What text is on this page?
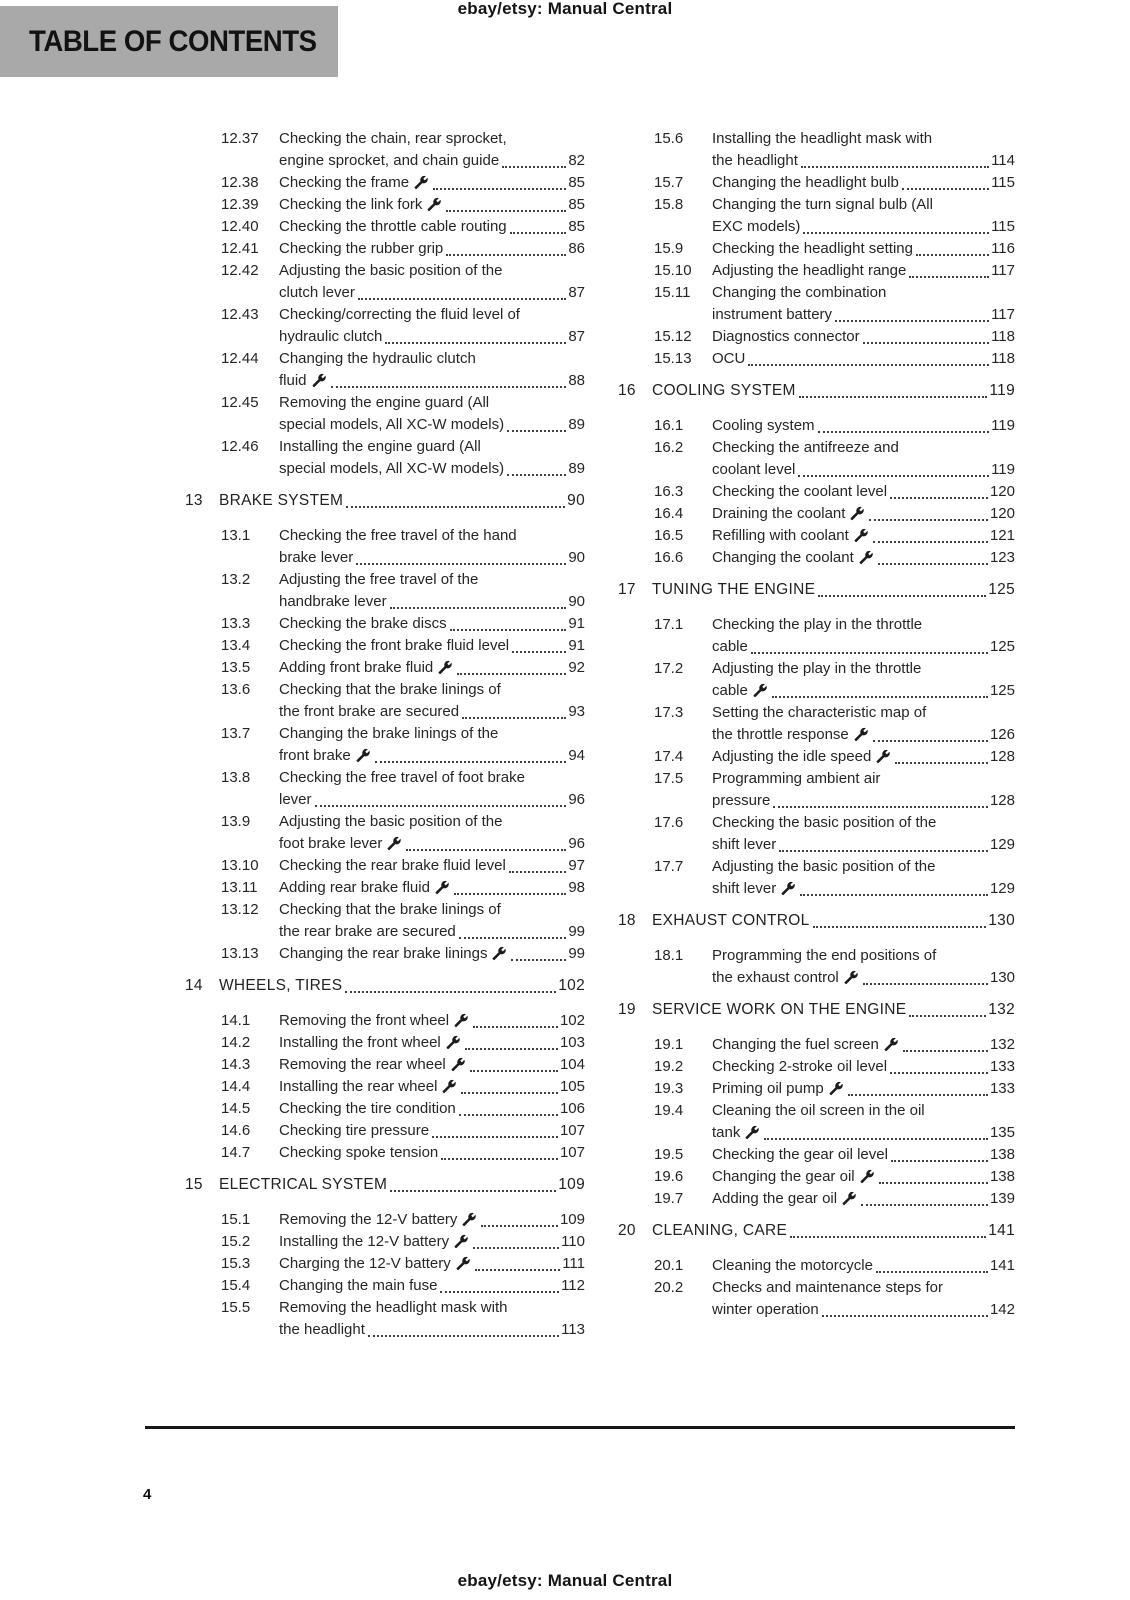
ebay/etsy: Manual Central
TABLE OF CONTENTS
12.37	Checking the chain, rear sprocket,
engine sprocket, and chain guide	82
12.38	Checking the frame	85
12.39	Checking the link fork	85
12.40	Checking the throttle cable routing	85
12.41	Checking the rubber grip	86
12.42	Adjusting the basic position of the
clutch lever	87
12.43	Checking/correcting the fluid level of
hydraulic clutch	87
12.44	Changing the hydraulic clutch
fluid	88
12.45	Removing the engine guard (All
special models, All XC-W models)	89
12.46	Installing the engine guard (All
special models, All XC-W models)	89
13	BRAKE SYSTEM	90
13.1	Checking the free travel of the hand
brake lever	90
13.2	Adjusting the free travel of the
handbrake lever	90
13.3	Checking the brake discs	91
13.4	Checking the front brake fluid level	91
13.5	Adding front brake fluid	92
13.6	Checking that the brake linings of
the front brake are secured	93
13.7	Changing the brake linings of the
front brake	94
13.8	Checking the free travel of foot brake
lever	96
13.9	Adjusting the basic position of the
foot brake lever	96
13.10	Checking the rear brake fluid level	97
13.11	Adding rear brake fluid	98
13.12	Checking that the brake linings of
the rear brake are secured	99
13.13	Changing the rear brake linings	99
14	WHEELS, TIRES	102
14.1	Removing the front wheel	102
14.2	Installing the front wheel	103
14.3	Removing the rear wheel	104
14.4	Installing the rear wheel	105
14.5	Checking the tire condition	106
14.6	Checking tire pressure	107
14.7	Checking spoke tension	107
15	ELECTRICAL SYSTEM	109
15.1	Removing the 12-V battery	109
15.2	Installing the 12-V battery	110
15.3	Charging the 12-V battery	111
15.4	Changing the main fuse	112
15.5	Removing the headlight mask with
the headlight	113
15.6	Installing the headlight mask with
the headlight	114
15.7	Changing the headlight bulb	115
15.8	Changing the turn signal bulb (All
EXC models)	115
15.9	Checking the headlight setting	116
15.10	Adjusting the headlight range	117
15.11	Changing the combination
instrument battery	117
15.12	Diagnostics connector	118
15.13	OCU	118
16	COOLING SYSTEM	119
16.1	Cooling system	119
16.2	Checking the antifreeze and
coolant level	119
16.3	Checking the coolant level	120
16.4	Draining the coolant	120
16.5	Refilling with coolant	121
16.6	Changing the coolant	123
17	TUNING THE ENGINE	125
17.1	Checking the play in the throttle
cable	125
17.2	Adjusting the play in the throttle
cable	125
17.3	Setting the characteristic map of
the throttle response	126
17.4	Adjusting the idle speed	128
17.5	Programming ambient air
pressure	128
17.6	Checking the basic position of the
shift lever	129
17.7	Adjusting the basic position of the
shift lever	129
18	EXHAUST CONTROL	130
18.1	Programming the end positions of
the exhaust control	130
19	SERVICE WORK ON THE ENGINE	132
19.1	Changing the fuel screen	132
19.2	Checking 2-stroke oil level	133
19.3	Priming oil pump	133
19.4	Cleaning the oil screen in the oil
tank	135
19.5	Checking the gear oil level	138
19.6	Changing the gear oil	138
19.7	Adding the gear oil	139
20	CLEANING, CARE	141
20.1	Cleaning the motorcycle	141
20.2	Checks and maintenance steps for
winter operation	142
4
ebay/etsy: Manual Central
